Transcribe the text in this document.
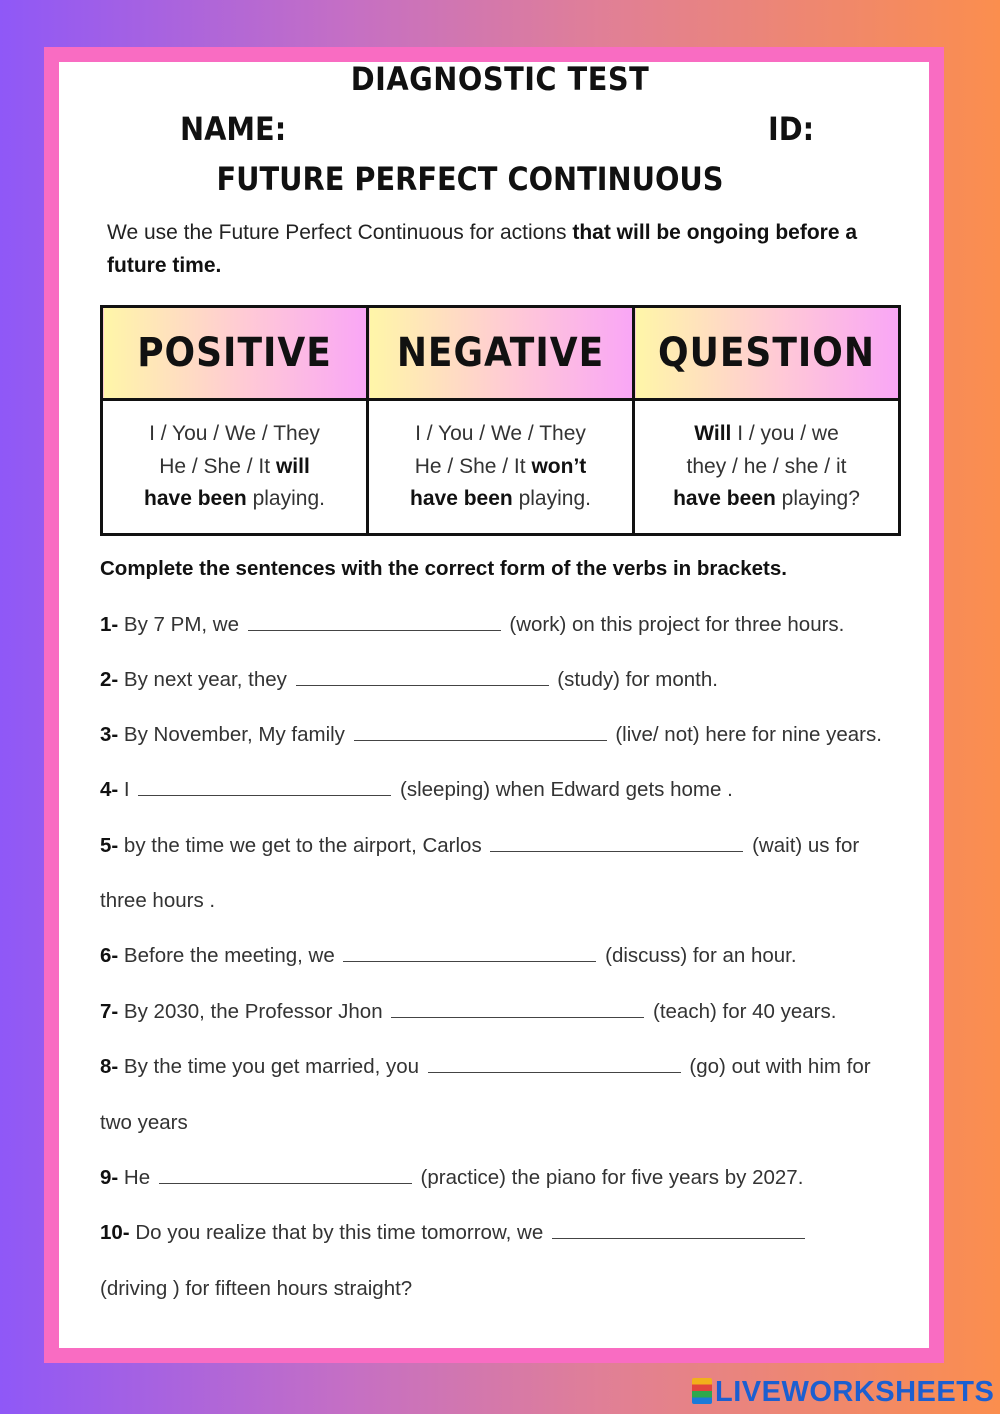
DIAGNOSTIC TEST
NAME:	ID:
FUTURE PERFECT CONTINUOUS
We use the Future Perfect Continuous for actions that will be ongoing before a future time.
POSITIVE	NEGATIVE	QUESTION
I / You / We / They
He / She / It will
have been playing.	I / You / We / They
He / She / It won’t
have been playing.	Will I / you / we
they / he / she / it
have been playing?
Complete the sentences with the correct form of the verbs in brackets.
1- By 7 PM, we	(work) on this project for three hours.
2- By next year, they	(study) for month.
3- By November, My family	(live/ not) here for nine years.
4- I	(sleeping) when Edward gets home .
5- by the time we get to the airport, Carlos	(wait) us for
three hours .
6- Before the meeting, we	(discuss) for an hour.
7- By 2030, the Professor Jhon	(teach) for 40 years.
8- By the time you get married, you	(go) out with him for
two years
9- He	(practice) the piano for five years by 2027.
10- Do you realize that by this time tomorrow, we
(driving ) for fifteen hours straight?
LIVEWORKSHEETS
